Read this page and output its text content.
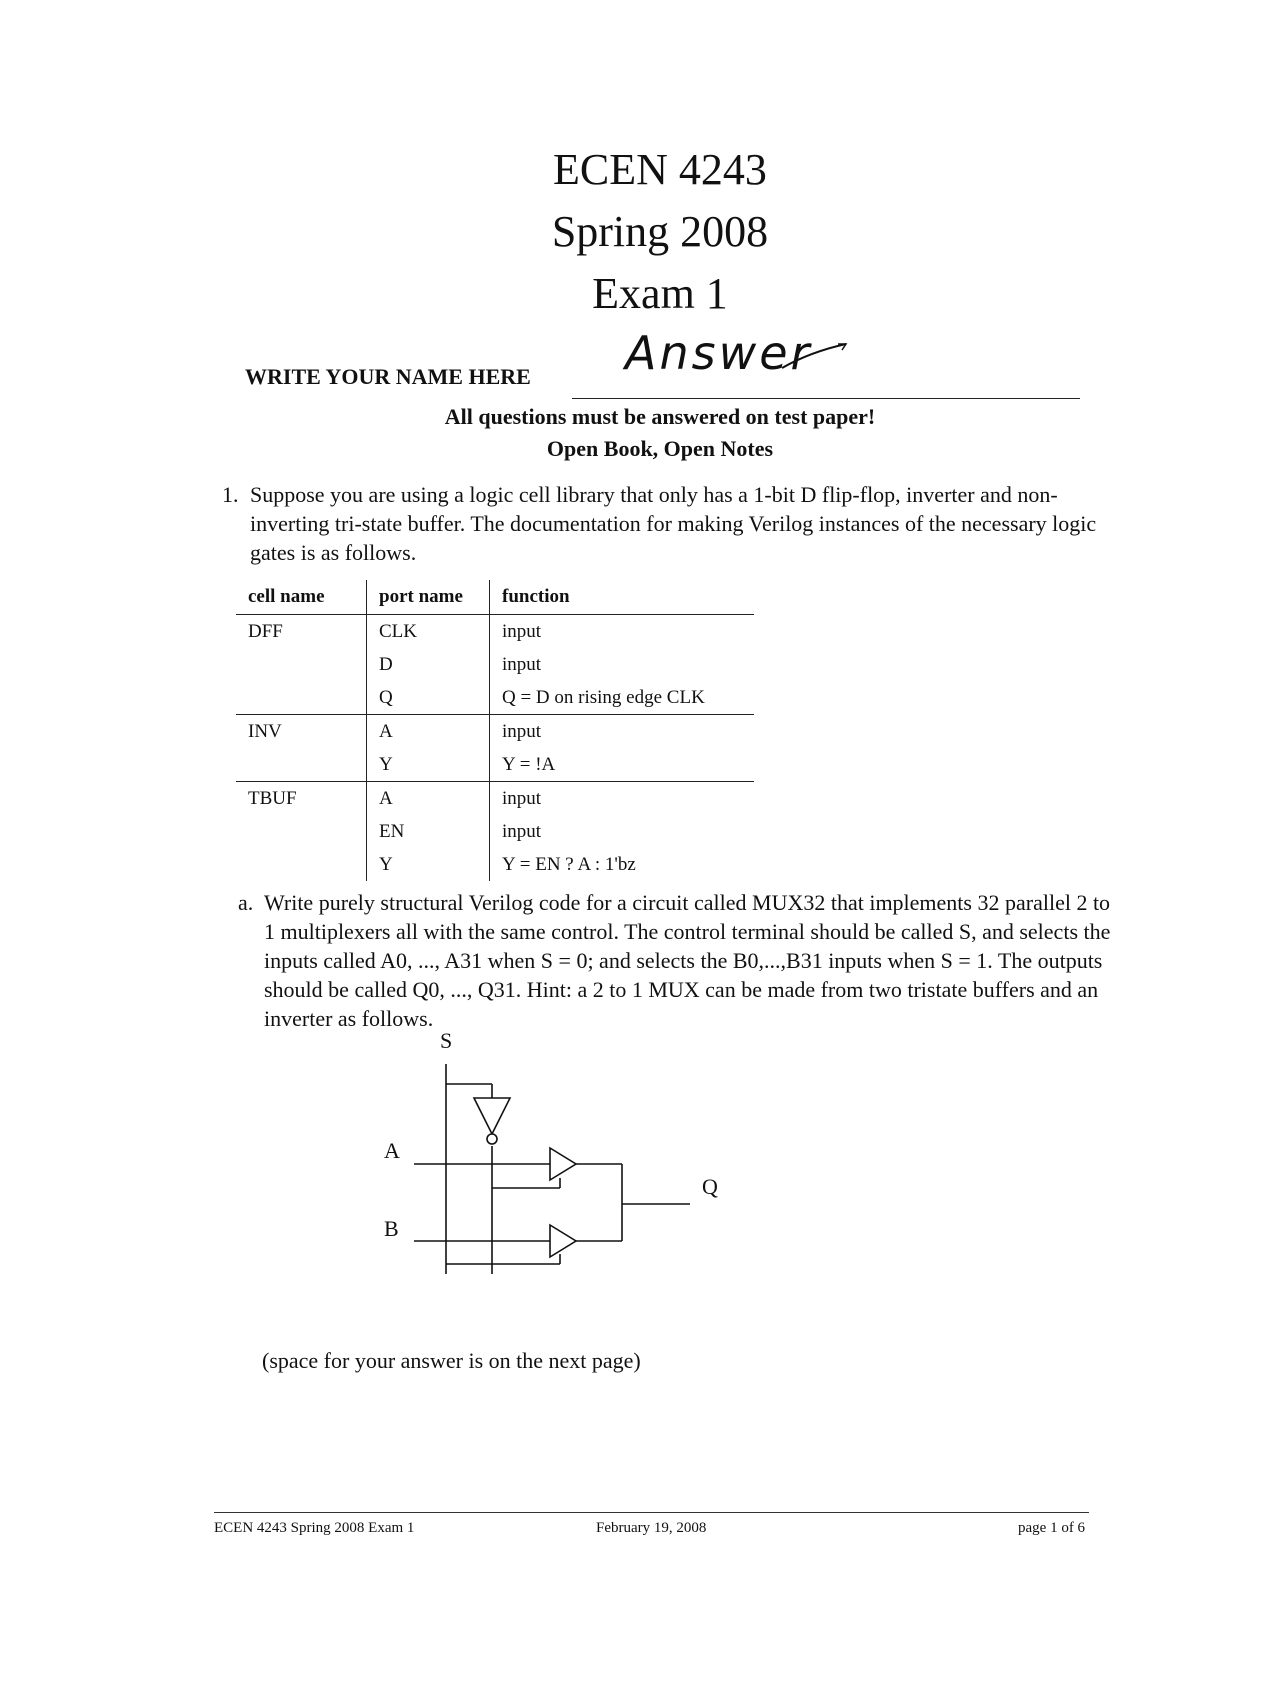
ECEN 4243
Spring 2008
Exam 1
WRITE YOUR NAME HERE Answer
All questions must be answered on test paper!
Open Book, Open Notes
1. Suppose you are using a logic cell library that only has a 1-bit D flip-flop, inverter and non-inverting tri-state buffer. The documentation for making Verilog instances of the necessary logic gates is as follows.
cell name	port name	function
DFF	CLK	input
	D	input
	Q	Q = D on rising edge CLK
INV	A	input
	Y	Y = !A
TBUF	A	input
	EN	input
	Y	Y = EN ? A : 1'bz
a. Write purely structural Verilog code for a circuit called MUX32 that implements 32 parallel 2 to 1 multiplexers all with the same control. The control terminal should be called S, and selects the inputs called A0, ..., A31 when S = 0; and selects the B0,...,B31 inputs when S = 1. The outputs should be called Q0, ..., Q31. Hint: a 2 to 1 MUX can be made from two tristate buffers and an inverter as follows.
S
A
B
Q
(space for your answer is on the next page)
ECEN 4243 Spring 2008 Exam 1	February 19, 2008	page 1 of 6
